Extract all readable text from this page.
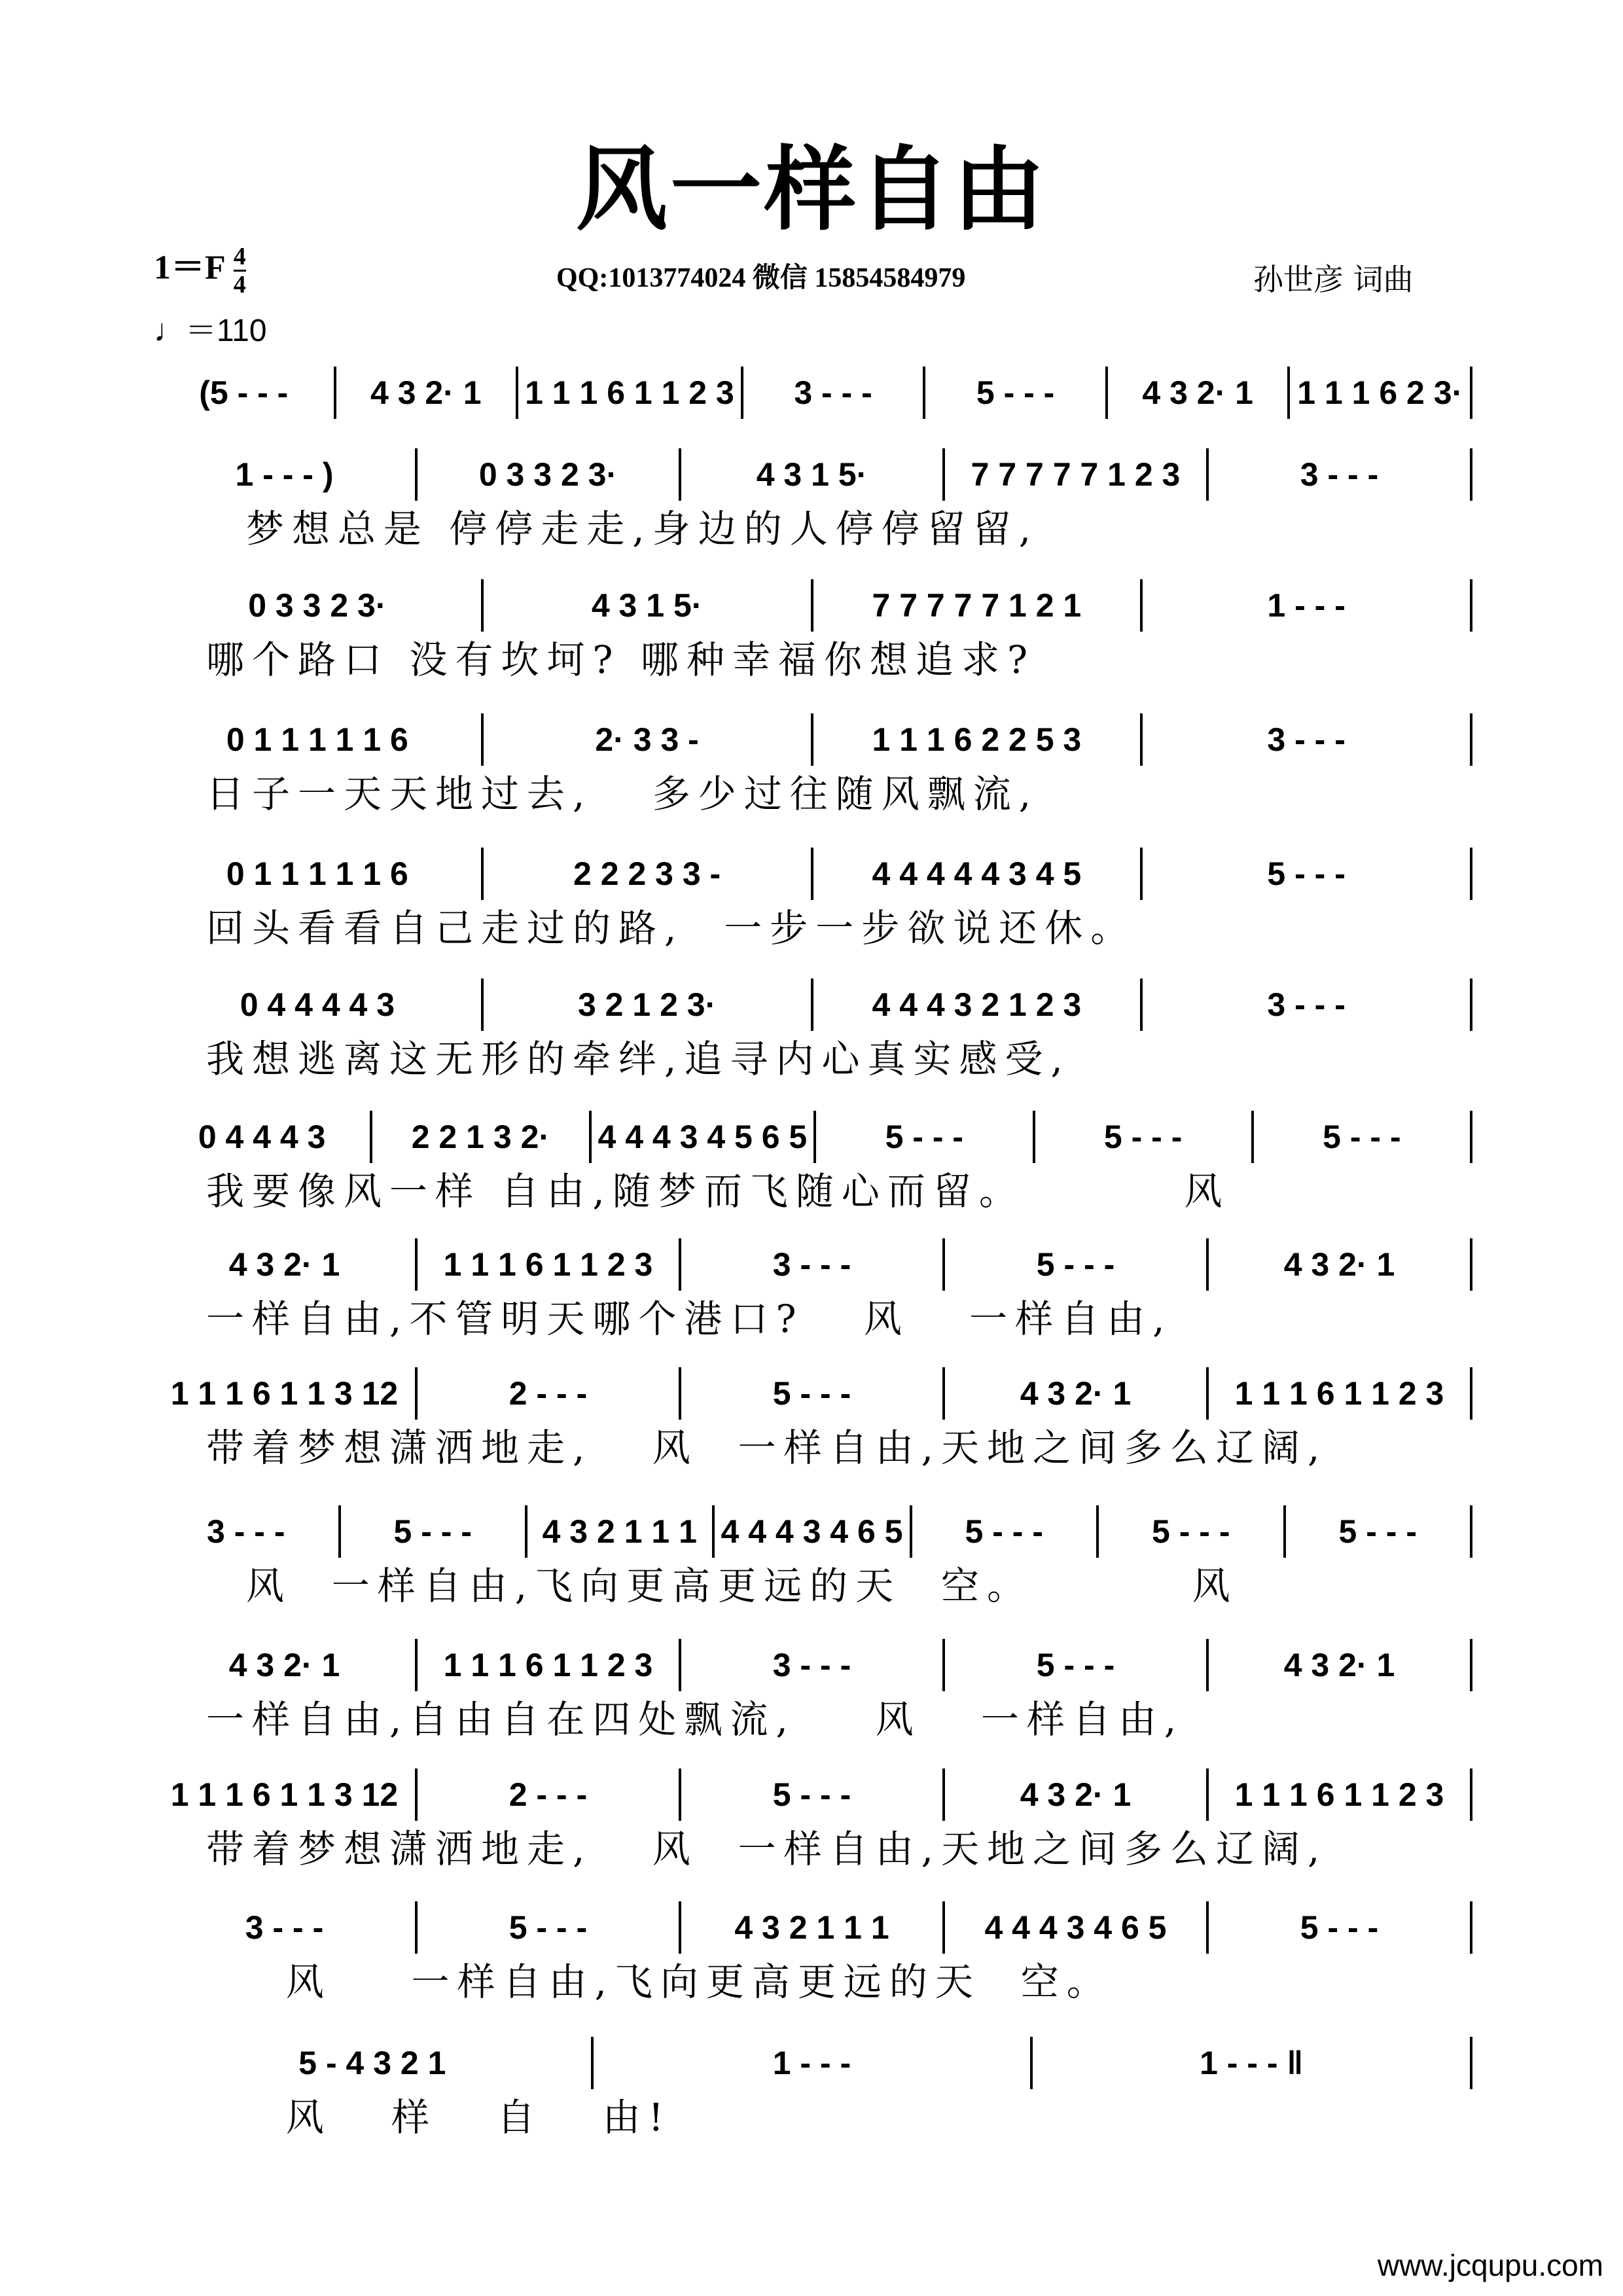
风一样自由
$1=F \frac{4}{4}$
♩＝110
QQ:1013774024 微信 15854584979	孙世彦 词曲
(5 - - -	4 3 2· 1	1 1 1 6 1 1 2 3	3 - - -	5 - - -	4 3 2· 1	1 1 1 6 2 3·
1 - - - )	0 3 3 2 3·	4 3 1 5·	7 7 7 7 7 1 2 3	3 - - -
梦想总是 停停走走,身边的人停停留留,
0 3 3 2 3·	4 3 1 5·	7 7 7 7 7 1 2 1	1 - - -
哪个路口 没有坎坷? 哪种幸福你想追求?
0 1 1 1 1 1 6	2· 3 3 -	1 1 1 6 2 2 5 3	3 - - -
日子一天天地过去,   多少过往随风飘流,
0 1 1 1 1 1 6	2 2 2 3 3 -	4 4 4 4 4 3 4 5	5 - - -
回头看看自己走过的路,  一步一步欲说还休。
0 4 4 4 4 3	3 2 1 2 3·	4 4 4 3 2 1 2 3	3 - - -
我想逃离这无形的牵绊,追寻内心真实感受,
0 4 4 4 3	2 2 1 3 2·	4 4 4 3 4 5 6 5	5 - - -	5 - - -	5 - - -
我要像风一样 自由,随梦而飞随心而留。        风
4 3 2· 1	1 1 1 6 1 1 2 3	3 - - -	5 - - -	4 3 2· 1
一样自由,不管明天哪个港口?   风   一样自由,
1 1 1 6 1 1 3 12	2 - - -	5 - - -	4 3 2· 1	1 1 1 6 1 1 2 3
带着梦想潇洒地走,   风  一样自由,天地之间多么辽阔,
3 - - -	5 - - -	4 3 2 1 1 1 4 4 4 3 4 6 5	5 - - -	5 - - -	5 - - -
风  一样自由,飞向更高更远的天  空。        风
4 3 2· 1	1 1 1 6 1 1 2 3	3 - - -	5 - - -	4 3 2· 1
一样自由,自由自在四处飘流,    风   一样自由,
1 1 1 6 1 1 3 12	2 - - -	5 - - -	4 3 2· 1	1 1 1 6 1 1 2 3
带着梦想潇洒地走,   风  一样自由,天地之间多么辽阔,
3 - - -	5 - - -	4 3 2 1 1 1	4 4 4 3 4 6 5	5 - - -
风    一样自由,飞向更高更远的天  空。
5 - 4 3 2 1	1 - - -	1 - - - ‖
风   样   自   由!
www.jcqupu.com
